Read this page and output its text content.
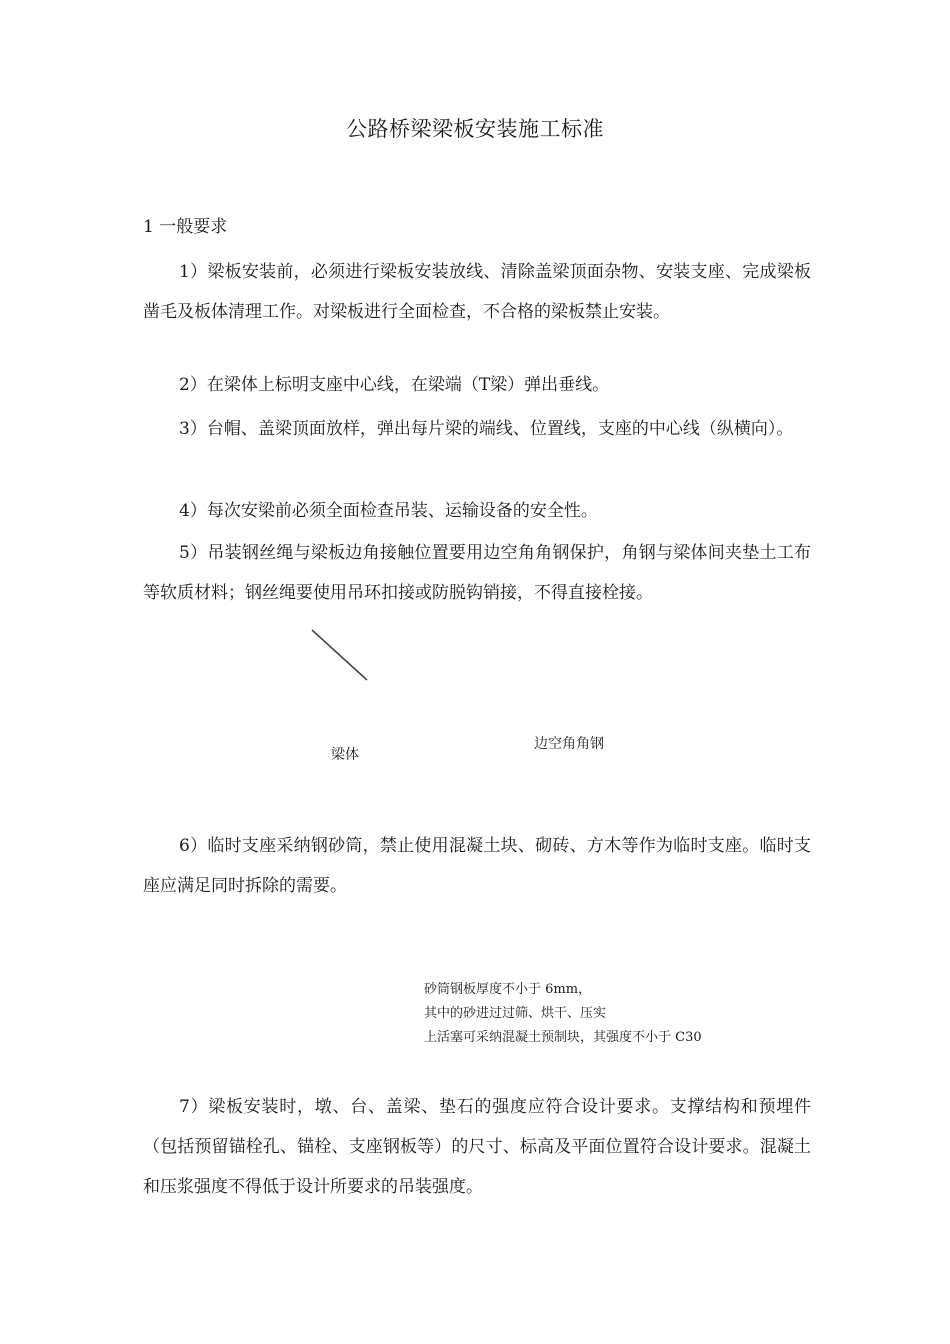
公路桥梁梁板安装施工标准
1 一般要求
1）梁板安装前，必须进行梁板安装放线、清除盖梁顶面杂物、安装支座、完成梁板凿毛及板体清理工作。对梁板进行全面检查，不合格的梁板禁止安装。
2）在梁体上标明支座中心线，在梁端（T梁）弹出垂线。
3）台帽、盖梁顶面放样，弹出每片梁的端线、位置线，支座的中心线（纵横向）。
4）每次安梁前必须全面检查吊装、运输设备的安全性。
5）吊装钢丝绳与梁板边角接触位置要用边空角角钢保护，角钢与梁体间夹垫土工布等软质材料；钢丝绳要使用吊环扣接或防脱钩销接，不得直接栓接。
梁体
边空角角钢
6）临时支座采纳钢砂筒，禁止使用混凝土块、砌砖、方木等作为临时支座。临时支座应满足同时拆除的需要。
砂筒钢板厚度不小于 6mm，
其中的砂进过过筛、烘干、压实
上活塞可采纳混凝土预制块，其强度不小于 C30
7）梁板安装时，墩、台、盖梁、垫石的强度应符合设计要求。支撑结构和预埋件（包括预留锚栓孔、锚栓、支座钢板等）的尺寸、标高及平面位置符合设计要求。混凝土和压浆强度不得低于设计所要求的吊装强度。
